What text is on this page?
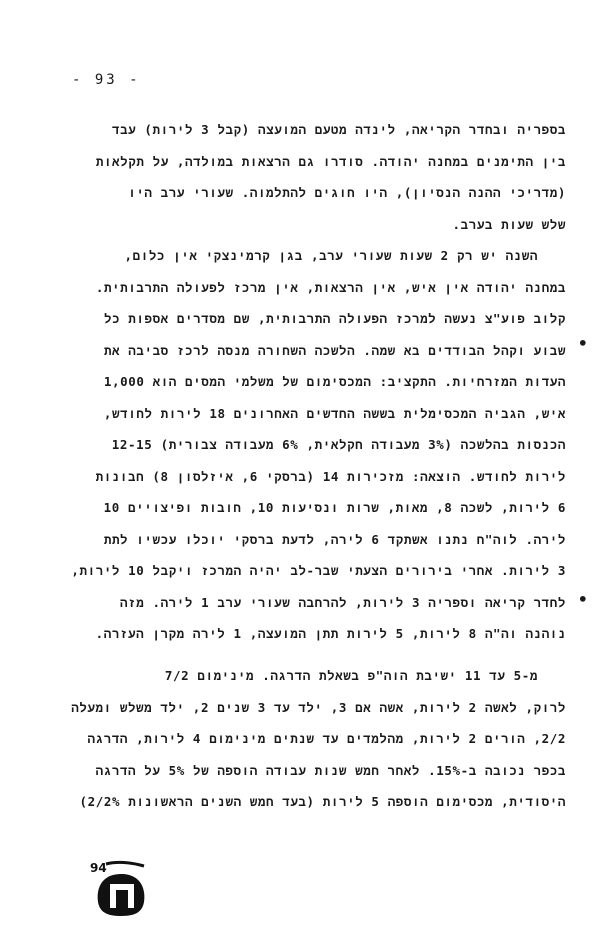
- 93 -
בספריה ובחדר הקריאה, לינדה מטעם המועצה (קבל 3 לירות) עבד
בין התימנים במחנה יהודה. סודרו גם הרצאות במולדה, על תקלאות
(מדריכי ההנה הנסיון), היו חוגים להתלמוה. שעורי ערב היו
שלש שעות בערב.
השנה יש רק 2 שעות שעורי ערב, בגן קרמינצקי אין כלום,
במחנה יהודה אין איש, אין הרצאות, אין מרכז לפעולה התרבותית.
קלוב פוע"צ נעשה למרכז הפעולה התרבותית, שם מסדרים אספות כל
שבוע וקהל הבודדים בא שמה. הלשכה השחורה מנסה לרכז סביבה את
העדות המזרחיות. התקציב: המכסימום של משלמי המסים הוא 1,000
איש, הגביה המכסימלית בששה החדשים האחרונים 18 לירות לחודש,
הכנסות בהלשכה (3% מעבודה חקלאית, 6% מעבודה צבורית) 12-15
לירות לחודש. הוצאה: מזכירות 14 (ברסקי 6, איזלסון 8) חבונות
6 לירות, לשכה 8, מאות, שרות ונסיעות 10, חובות ופיצויים 10
לירה. לוה"ח נתנו אשתקד 6 לירה, לדעת ברסקי יוכלו עכשיו לתת
3 לירות. אחרי בירורים הצעתי שבר-לב יהיה המרכז ויקבל 10 לירות,
לחדר קריאה וספריה 3 לירות, להרחבה שעורי ערב 1 לירה. מזה
נוהנה וה"ה 8 לירות, 5 לירות תתן המועצה, 1 לירה מקרן העזרה.
מ-5 עד 11 ישיבת הוה"פ בשאלת הדרגה. מינימום 7/2
לרוק, לאשה 2 לירות, אשה אם 3, ילד עד 3 שנים 2, ילד משלש ומעלה
2/2, הורים 2 לירות, מהלמדים עד שנתים מינימום 4 לירות, הדרגה
בכפר נכובה ב-15%. לאחר חמש שנות עבודה הוספה של 5% על הדרגה
היסודית, מכסימום הוספה 5 לירות (בעד חמש השנים הראשונות 2/2%)
•
•
94
